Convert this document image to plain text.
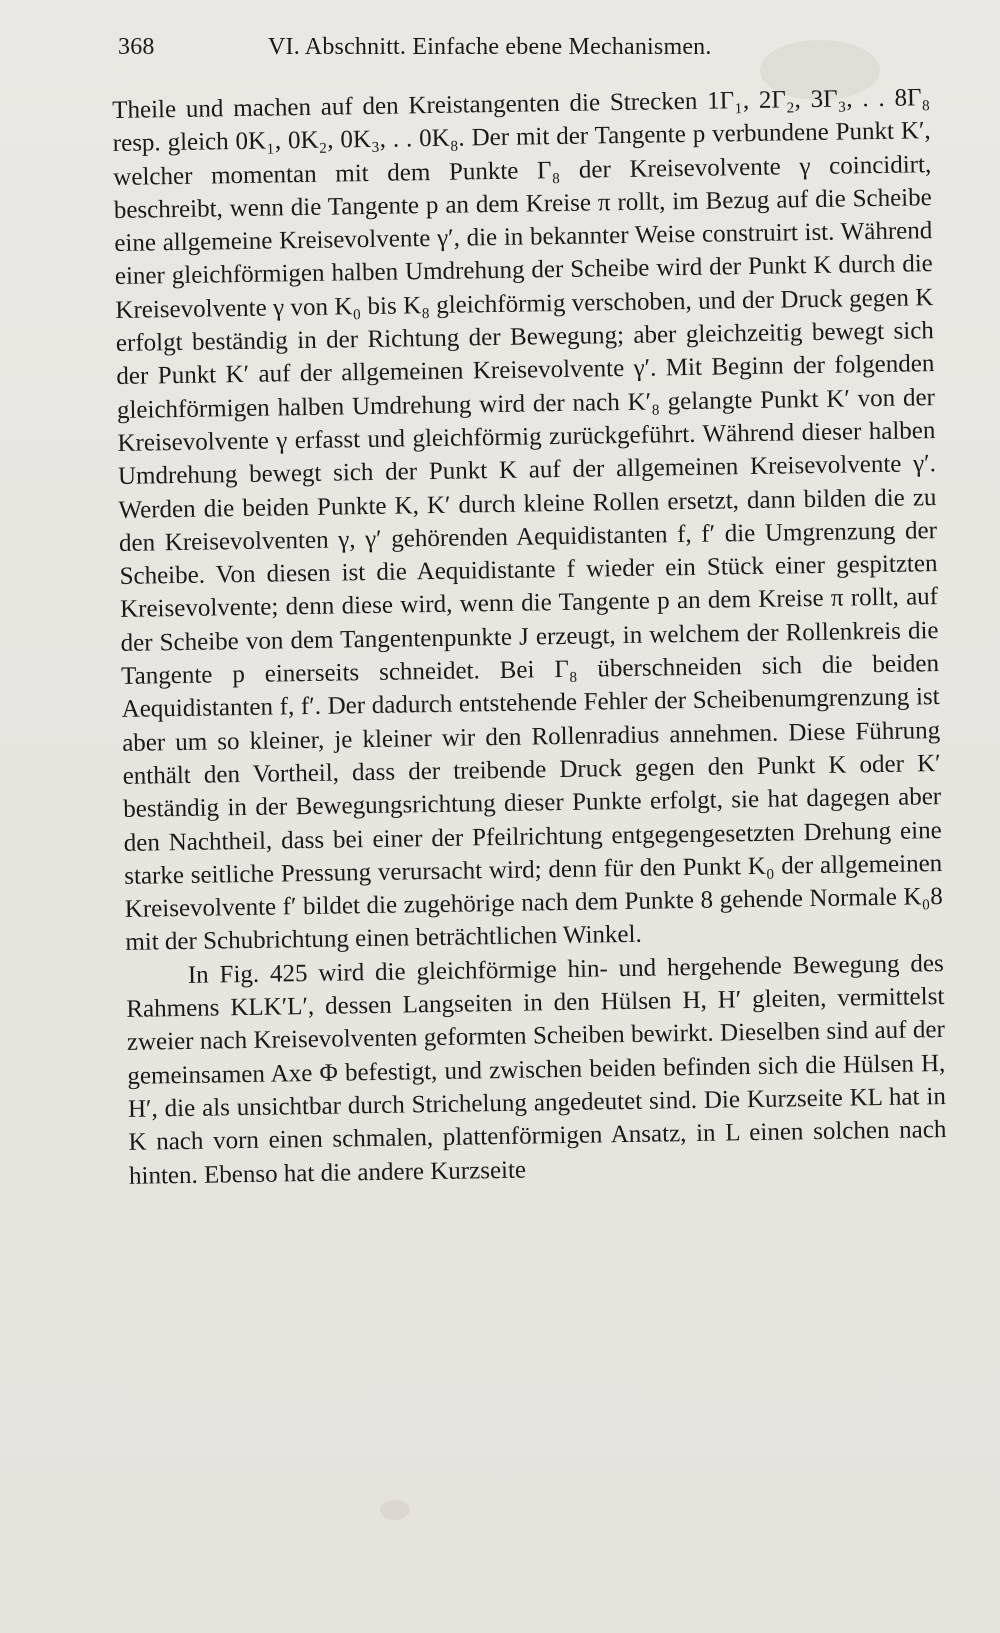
368	VI. Abschnitt. Einfache ebene Mechanismen.

Theile und machen auf den Kreistangenten die Strecken 1Γ₁, 2Γ₂, 3Γ₃, . . 8Γ₈ resp. gleich 0K₁, 0K₂, 0K₃, . . 0K₈. Der mit der Tangente p verbundene Punkt K′, welcher momentan mit dem Punkte Γ₈ der Kreisevolvente γ coincidirt, beschreibt, wenn die Tangente p an dem Kreise π rollt, im Bezug auf die Scheibe eine allgemeine Kreisevolvente γ′, die in bekannter Weise construirt ist. Während einer gleichförmigen halben Umdrehung der Scheibe wird der Punkt K durch die Kreisevolvente γ von K₀ bis K₈ gleichförmig verschoben, und der Druck gegen K erfolgt beständig in der Richtung der Bewegung; aber gleichzeitig bewegt sich der Punkt K′ auf der allgemeinen Kreisevolvente γ′. Mit Beginn der folgenden gleichförmigen halben Umdrehung wird der nach K′₈ gelangte Punkt K′ von der Kreisevolvente γ erfasst und gleichförmig zurückgeführt. Während dieser halben Umdrehung bewegt sich der Punkt K auf der allgemeinen Kreisevolvente γ′. Werden die beiden Punkte K, K′ durch kleine Rollen ersetzt, dann bilden die zu den Kreisevolventen γ, γ′ gehörenden Aequidistanten f, f′ die Umgrenzung der Scheibe. Von diesen ist die Aequidistante f wieder ein Stück einer gespitzten Kreisevolvente; denn diese wird, wenn die Tangente p an dem Kreise π rollt, auf der Scheibe von dem Tangentenpunkte J erzeugt, in welchem der Rollenkreis die Tangente p einerseits schneidet. Bei Γ₈ überschneiden sich die beiden Aequidistanten f, f′. Der dadurch entstehende Fehler der Scheibenumgrenzung ist aber um so kleiner, je kleiner wir den Rollenradius annehmen. Diese Führung enthält den Vortheil, dass der treibende Druck gegen den Punkt K oder K′ beständig in der Bewegungsrichtung dieser Punkte erfolgt, sie hat dagegen aber den Nachtheil, dass bei einer der Pfeilrichtung entgegengesetzten Drehung eine starke seitliche Pressung verursacht wird; denn für den Punkt K₀ der allgemeinen Kreisevolvente f′ bildet die zugehörige nach dem Punkte 8 gehende Normale K₀8 mit der Schubrichtung einen beträchtlichen Winkel.

In Fig. 425 wird die gleichförmige hin- und hergehende Bewegung des Rahmens KLK′L′, dessen Langseiten in den Hülsen H, H′ gleiten, vermittelst zweier nach Kreisevolventen geformten Scheiben bewirkt. Dieselben sind auf der gemeinsamen Axe Φ befestigt, und zwischen beiden befinden sich die Hülsen H, H′, die als unsichtbar durch Strichelung angedeutet sind. Die Kurzseite KL hat in K nach vorn einen schmalen, plattenförmigen Ansatz, in L einen solchen nach hinten. Ebenso hat die andere Kurzseite
